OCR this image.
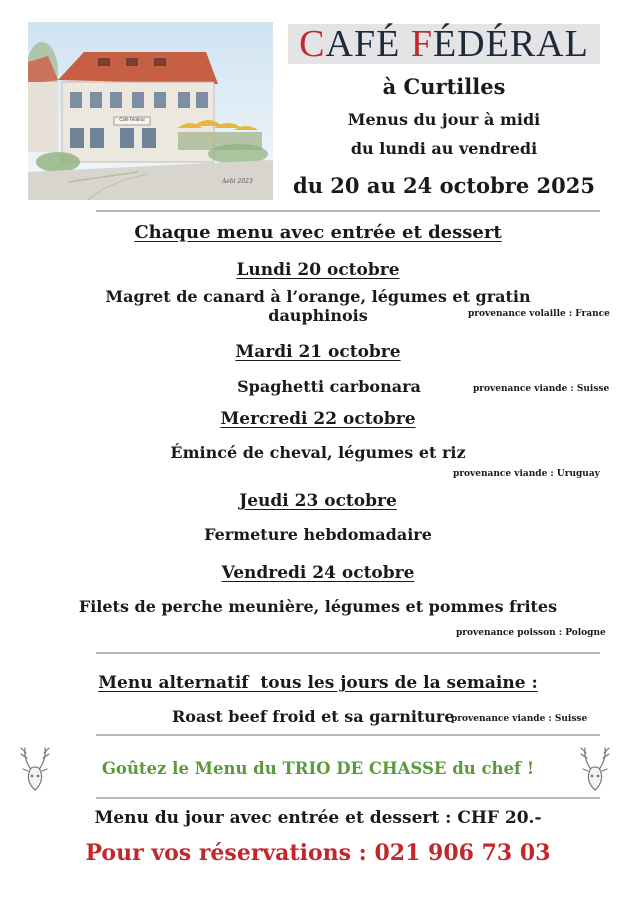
Café Fédéral
Aebi 2023
CAFÉ FÉDÉRAL
à Curtilles
Menus du jour à midi
du lundi au vendredi
du 20 au 24 octobre 2025
Chaque menu avec entrée et dessert
Lundi 20 octobre
Magret de canard à l’orange, légumes et gratin dauphinois	provenance volaille : France
Mardi 21 octobre
Spaghetti carbonara	provenance viande : Suisse
Mercredi 22 octobre
Émincé de cheval, légumes et riz
provenance viande : Uruguay
Jeudi 23 octobre
Fermeture hebdomadaire
Vendredi 24 octobre
Filets de perche meunière, légumes et pommes frites
provenance poisson : Pologne
Menu alternatif  tous les jours de la semaine :
Roast beef froid et sa garniture
provenance viande : Suisse
Goûtez le Menu du TRIO DE CHASSE du chef !
Menu du jour avec entrée et dessert : CHF 20.-
Pour vos réservations : 021 906 73 03
